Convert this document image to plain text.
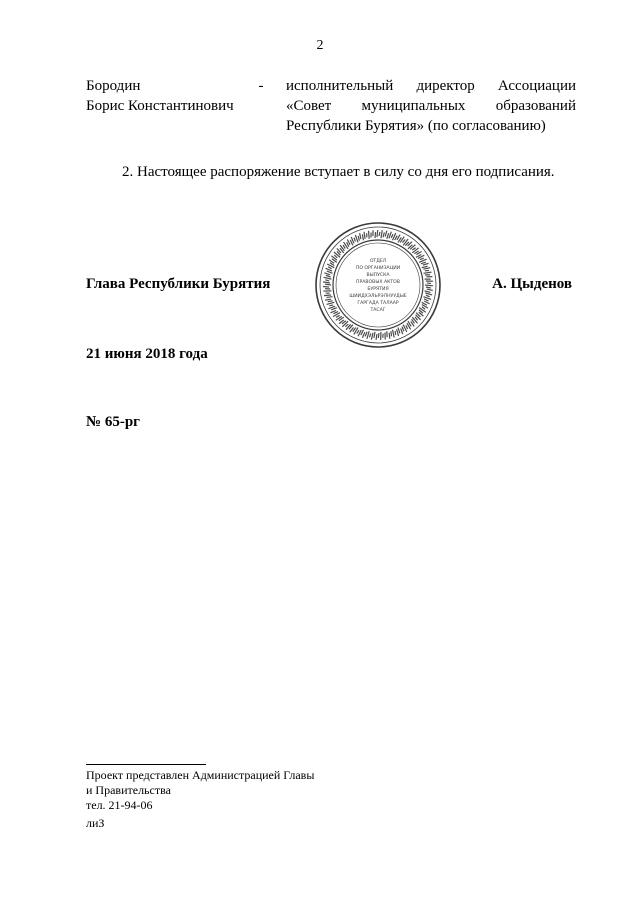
2
Бородин
Борис Константинович
-	исполнительный директор Ассоциации «Совет муниципальных образований Республики Бурятия» (по согласованию)
2. Настоящее распоряжение вступает в силу со дня его подписания.
Глава Республики Бурятия	А. Цыденов
ОТДЕЛ
ПО ОРГАНИЗАЦИИ
ВЫПУСКА
ПРАВОВЫХ АКТОВ
БУРЯТИЯ
ШИИДХЭЛЬРЭЛНУУДЫЕ
ГАРГАДА ТАЛААР
ТАСАГ
21 июня 2018 года
№ 65-рг
Проект представлен Администрацией Главы
и Правительства
тел. 21-94-06
лиЗ
